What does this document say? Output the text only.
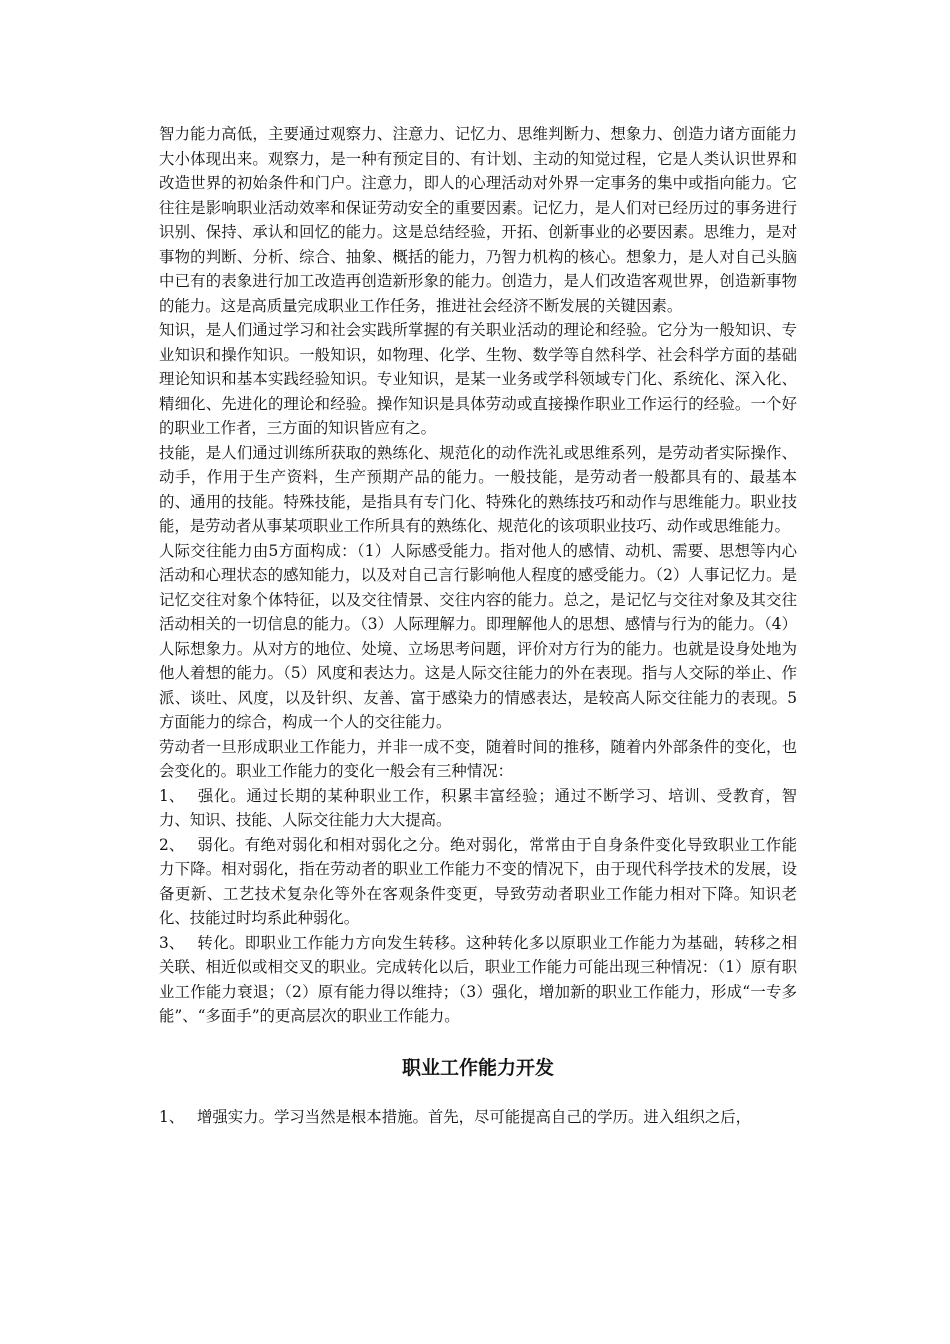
智力能力高低，主要通过观察力、注意力、记忆力、思维判断力、想象力、创造力诸方面能力大小体现出来。观察力，是一种有预定目的、有计划、主动的知觉过程，它是人类认识世界和改造世界的初始条件和门户。注意力，即人的心理活动对外界一定事务的集中或指向能力。它往往是影响职业活动效率和保证劳动安全的重要因素。记忆力，是人们对已经历过的事务进行识别、保持、承认和回忆的能力。这是总结经验，开拓、创新事业的必要因素。思维力，是对事物的判断、分析、综合、抽象、概括的能力，乃智力机构的核心。想象力，是人对自己头脑中已有的表象进行加工改造再创造新形象的能力。创造力，是人们改造客观世界，创造新事物的能力。这是高质量完成职业工作任务，推进社会经济不断发展的关键因素。

知识，是人们通过学习和社会实践所掌握的有关职业活动的理论和经验。它分为一般知识、专业知识和操作知识。一般知识，如物理、化学、生物、数学等自然科学、社会科学方面的基础理论知识和基本实践经验知识。专业知识，是某一业务或学科领域专门化、系统化、深入化、精细化、先进化的理论和经验。操作知识是具体劳动或直接操作职业工作运行的经验。一个好的职业工作者，三方面的知识皆应有之。

技能，是人们通过训练所获取的熟练化、规范化的动作洗礼或思维系列，是劳动者实际操作、动手，作用于生产资料，生产预期产品的能力。一般技能，是劳动者一般都具有的、最基本的、通用的技能。特殊技能，是指具有专门化、特殊化的熟练技巧和动作与思维能力。职业技能，是劳动者从事某项职业工作所具有的熟练化、规范化的该项职业技巧、动作或思维能力。

人际交往能力由5方面构成：（1）人际感受能力。指对他人的感情、动机、需要、思想等内心活动和心理状态的感知能力，以及对自己言行影响他人程度的感受能力。（2）人事记忆力。是记忆交往对象个体特征，以及交往情景、交往内容的能力。总之，是记忆与交往对象及其交往活动相关的一切信息的能力。（3）人际理解力。即理解他人的思想、感情与行为的能力。（4）人际想象力。从对方的地位、处境、立场思考问题，评价对方行为的能力。也就是设身处地为他人着想的能力。（5）风度和表达力。这是人际交往能力的外在表现。指与人交际的举止、作派、谈吐、风度，以及针织、友善、富于感染力的情感表达，是较高人际交往能力的表现。5方面能力的综合，构成一个人的交往能力。

劳动者一旦形成职业工作能力，并非一成不变，随着时间的推移，随着内外部条件的变化，也会变化的。职业工作能力的变化一般会有三种情况：

1、 强化。通过长期的某种职业工作，积累丰富经验；通过不断学习、培训、受教育，智力、知识、技能、人际交往能力大大提高。

2、 弱化。有绝对弱化和相对弱化之分。绝对弱化，常常由于自身条件变化导致职业工作能力下降。相对弱化，指在劳动者的职业工作能力不变的情况下，由于现代科学技术的发展，设备更新、工艺技术复杂化等外在客观条件变更，导致劳动者职业工作能力相对下降。知识老化、技能过时均系此种弱化。

3、 转化。即职业工作能力方向发生转移。这种转化多以原职业工作能力为基础，转移之相关联、相近似或相交叉的职业。完成转化以后，职业工作能力可能出现三种情况：（1）原有职业工作能力衰退；（2）原有能力得以维持；（3）强化，增加新的职业工作能力，形成“一专多能”、“多面手”的更高层次的职业工作能力。

职业工作能力开发

1、 增强实力。学习当然是根本措施。首先，尽可能提高自己的学历。进入组织之后，
